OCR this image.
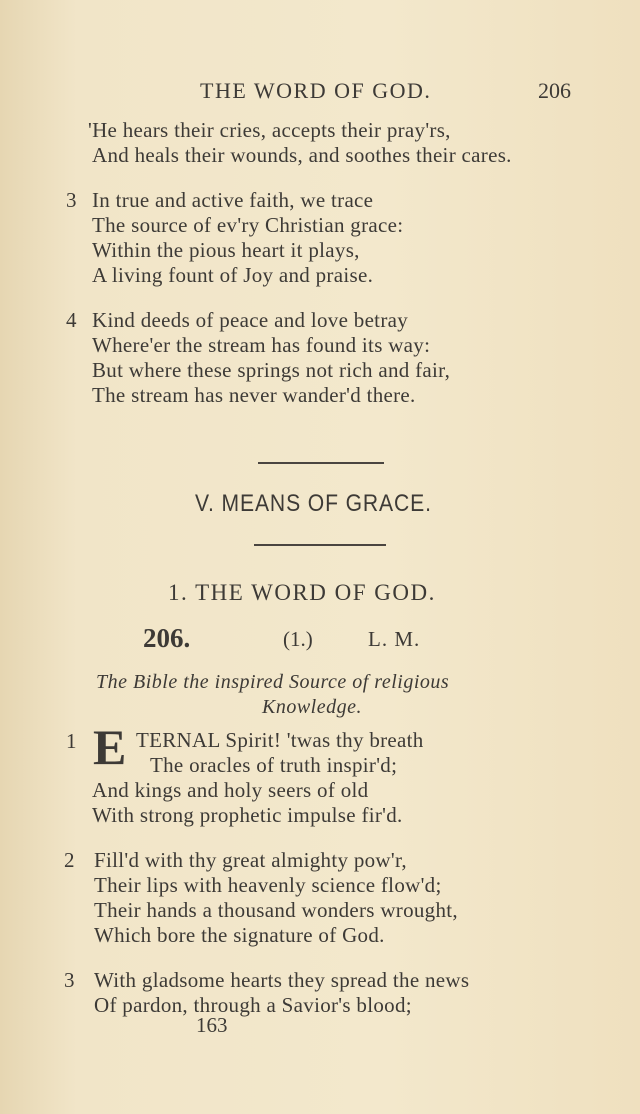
THE WORD OF GOD.	206
'He hears their cries, accepts their pray'rs,
And heals their wounds, and soothes their cares.
3 In true and active faith, we trace
The source of ev'ry Christian grace:
Within the pious heart it plays,
A living fount of Joy and praise.
4 Kind deeds of peace and love betray
Where'er the stream has found its way:
But where these springs not rich and fair,
The stream has never wander'd there.
V. MEANS OF GRACE.
1. THE WORD OF GOD.
206.	(1.)	L. M.
The Bible the inspired Source of religious
Knowledge.
1 E TERNAL Spirit! 'twas thy breath
The oracles of truth inspir'd;
And kings and holy seers of old
With strong prophetic impulse fir'd.
2 Fill'd with thy great almighty pow'r,
Their lips with heavenly science flow'd;
Their hands a thousand wonders wrought,
Which bore the signature of God.
3 With gladsome hearts they spread the news
Of pardon, through a Savior's blood;
163
